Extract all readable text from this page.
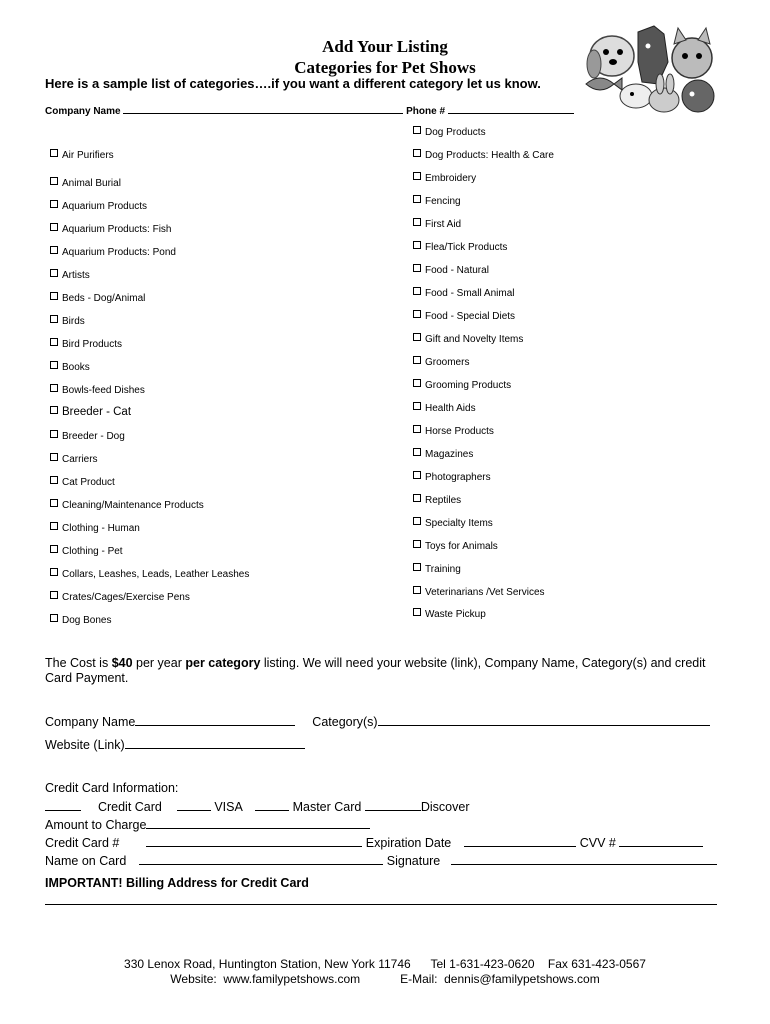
Add Your Listing
Categories for Pet Shows
Here is a sample list of categories….if you want a different category let us know.
Company Name	Phone #
Air Purifiers
Animal Burial
Aquarium Products
Aquarium Products: Fish
Aquarium Products: Pond
Artists
Beds - Dog/Animal
Birds
Bird Products
Books
Bowls-feed Dishes
Breeder - Cat
Breeder - Dog
Carriers
Cat Product
Cleaning/Maintenance Products
Clothing - Human
Clothing - Pet
Collars, Leashes, Leads, Leather Leashes
Crates/Cages/Exercise Pens
Dog Bones
Dog Products
Dog Products: Health & Care
Embroidery
Fencing
First Aid
Flea/Tick Products
Food - Natural
Food - Small Animal
Food - Special Diets
Gift and Novelty Items
Groomers
Grooming Products
Health Aids
Horse Products
Magazines
Photographers
Reptiles
Specialty Items
Toys for Animals
Training
Veterinarians /Vet Services
Waste Pickup
The Cost is $40 per year per category listing. We will need your website (link), Company Name, Category(s) and credit Card Payment.
Company Name	Category(s)
Website (Link)
Credit Card Information:
Credit Card	VISA	Master Card	Discover
Amount to Charge
Credit Card #	Expiration Date	CVV #
Name on Card	Signature
IMPORTANT! Billing Address for Credit Card
330 Lenox Road, Huntington Station, New York 11746      Tel 1-631-423-0620    Fax 631-423-0567
Website:  www.familypetshows.com            E-Mail:  dennis@familypetshows.com
